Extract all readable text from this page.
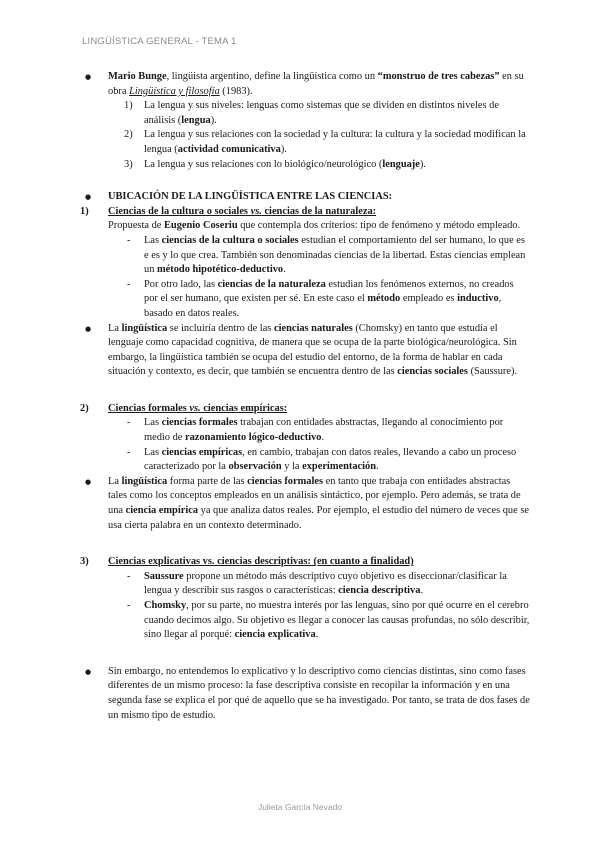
LINGÜÍSTICA GENERAL - TEMA 1

● Mario Bunge, lingüista argentino, define la lingüística como un “monstruo de tres cabezas” en su obra Lingüística y filosofía (1983).

1) La lengua y sus niveles: lenguas como sistemas que se dividen en distintos niveles de análisis (lengua).

2) La lengua y sus relaciones con la sociedad y la cultura: la cultura y la sociedad modifican la lengua (actividad comunicativa).

3) La lengua y sus relaciones con lo biológico/neurológico (lenguaje).

● UBICACIÓN DE LA LINGÜÍSTICA ENTRE LAS CIENCIAS:

1) Ciencias de la cultura o sociales vs. ciencias de la naturaleza:

Propuesta de Eugenio Coseriu que contempla dos criterios: tipo de fenómeno y método empleado.

- Las ciencias de la cultura o sociales estudian el comportamiento del ser humano, lo que es e es y lo que crea. También son denominadas ciencias de la libertad. Estas ciencias emplean un método hipotético-deductivo.

- Por otro lado, las ciencias de la naturaleza estudian los fenómenos externos, no creados por el ser humano, que existen per sé. En este caso el método empleado es inductivo, basado en datos reales.

● La lingüística se incluiría dentro de las ciencias naturales (Chomsky) en tanto que estudia el lenguaje como capacidad cognitiva, de manera que se ocupa de la parte biológica/neurológica. Sin embargo, la lingüística también se ocupa del estudio del entorno, de la forma de hablar en cada situación y contexto, es decir, que también se encuentra dentro de las ciencias sociales (Saussure).

2) Ciencias formales vs. ciencias empíricas:

- Las ciencias formales trabajan con entidades abstractas, llegando al conocimiento por medio de razonamiento lógico-deductivo.

- Las ciencias empíricas, en cambio, trabajan con datos reales, llevando a cabo un proceso caracterizado por la observación y la experimentación.

● La lingüística forma parte de las ciencias formales en tanto que trabaja con entidades abstractas tales como los conceptos empleados en un análisis sintáctico, por ejemplo. Pero además, se trata de una ciencia empírica ya que analiza datos reales. Por ejemplo, el estudio del número de veces que se usa cierta palabra en un contexto determinado.

3) Ciencias explicativas vs. ciencias descriptivas: (en cuanto a finalidad)

- Saussure propone un método más descriptivo cuyo objetivo es diseccionar/clasificar la lengua y describir sus rasgos o características: ciencia descriptiva.

- Chomsky, por su parte, no muestra interés por las lenguas, sino por qué ocurre en el cerebro cuando decimos algo. Su objetivo es llegar a conocer las causas profundas, no sólo describir, sino llegar al porqué: ciencia explicativa.

● Sin embargo, no entendemos lo explicativo y lo descriptivo como ciencias distintas, sino como fases diferentes de un mismo proceso: la fase descriptiva consiste en recopilar la información y en una segunda fase se explica el por qué de aquello que se ha investigado. Por tanto, se trata de dos fases de un mismo tipo de estudio.

Julieta García Nevado
